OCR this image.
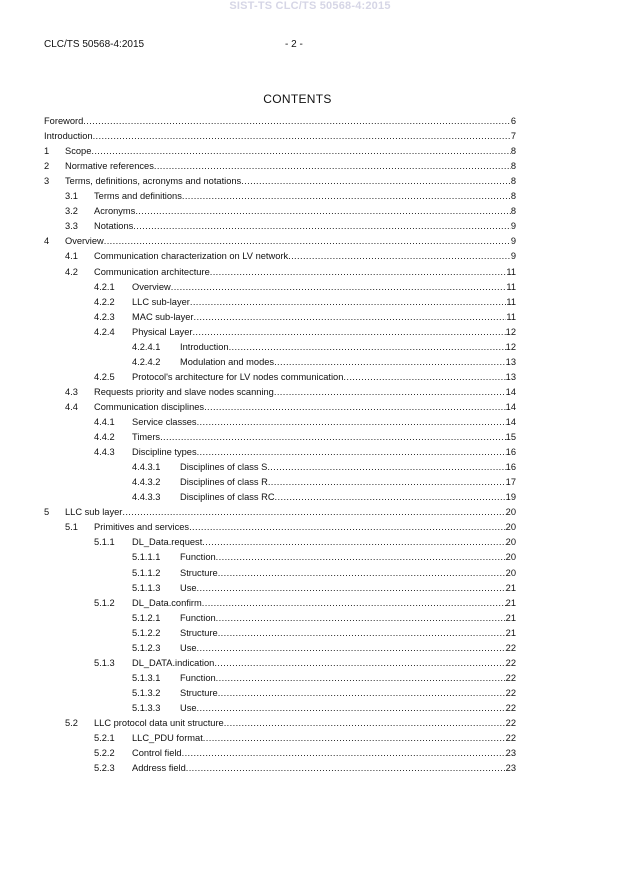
SIST-TS CLC/TS 50568-4:2015
CLC/TS 50568-4:2015	- 2 -
CONTENTS
Foreword . . .	6
Introduction . . .	7
1	Scope . . .	8
2	Normative references . . .	8
3	Terms, definitions, acronyms and notations . . .	8
3.1	Terms and definitions . . .	8
3.2	Acronyms . . .	8
3.3	Notations . . .	9
4	Overview . . .	9
4.1	Communication characterization on LV network . . .	9
4.2	Communication architecture . . .	11
4.2.1	Overview . . .	11
4.2.2	LLC sub-layer . . .	11
4.2.3	MAC sub-layer . . .	11
4.2.4	Physical Layer . . .	12
4.2.4.1	Introduction . . .	12
4.2.4.2	Modulation and modes . . .	13
4.2.5	Protocol's architecture for LV nodes communication . . .	13
4.3	Requests priority and slave nodes scanning . . .	14
4.4	Communication disciplines . . .	14
4.4.1	Service classes . . .	14
4.4.2	Timers . . .	15
4.4.3	Discipline types . . .	16
4.4.3.1	Disciplines of class S . . .	16
4.4.3.2	Disciplines of class R . . .	17
4.4.3.3	Disciplines of class RC . . .	19
5	LLC sub layer . . .	20
5.1	Primitives and services . . .	20
5.1.1	DL_Data.request . . .	20
5.1.1.1	Function . . .	20
5.1.1.2	Structure . . .	20
5.1.1.3	Use . . .	21
5.1.2	DL_Data.confirm . . .	21
5.1.2.1	Function . . .	21
5.1.2.2	Structure . . .	21
5.1.2.3	Use . . .	22
5.1.3	DL_DATA.indication . . .	22
5.1.3.1	Function . . .	22
5.1.3.2	Structure . . .	22
5.1.3.3	Use . . .	22
5.2	LLC protocol data unit structure . . .	22
5.2.1	LLC_PDU format . . .	22
5.2.2	Control field . . .	23
5.2.3	Address field . . .	23
